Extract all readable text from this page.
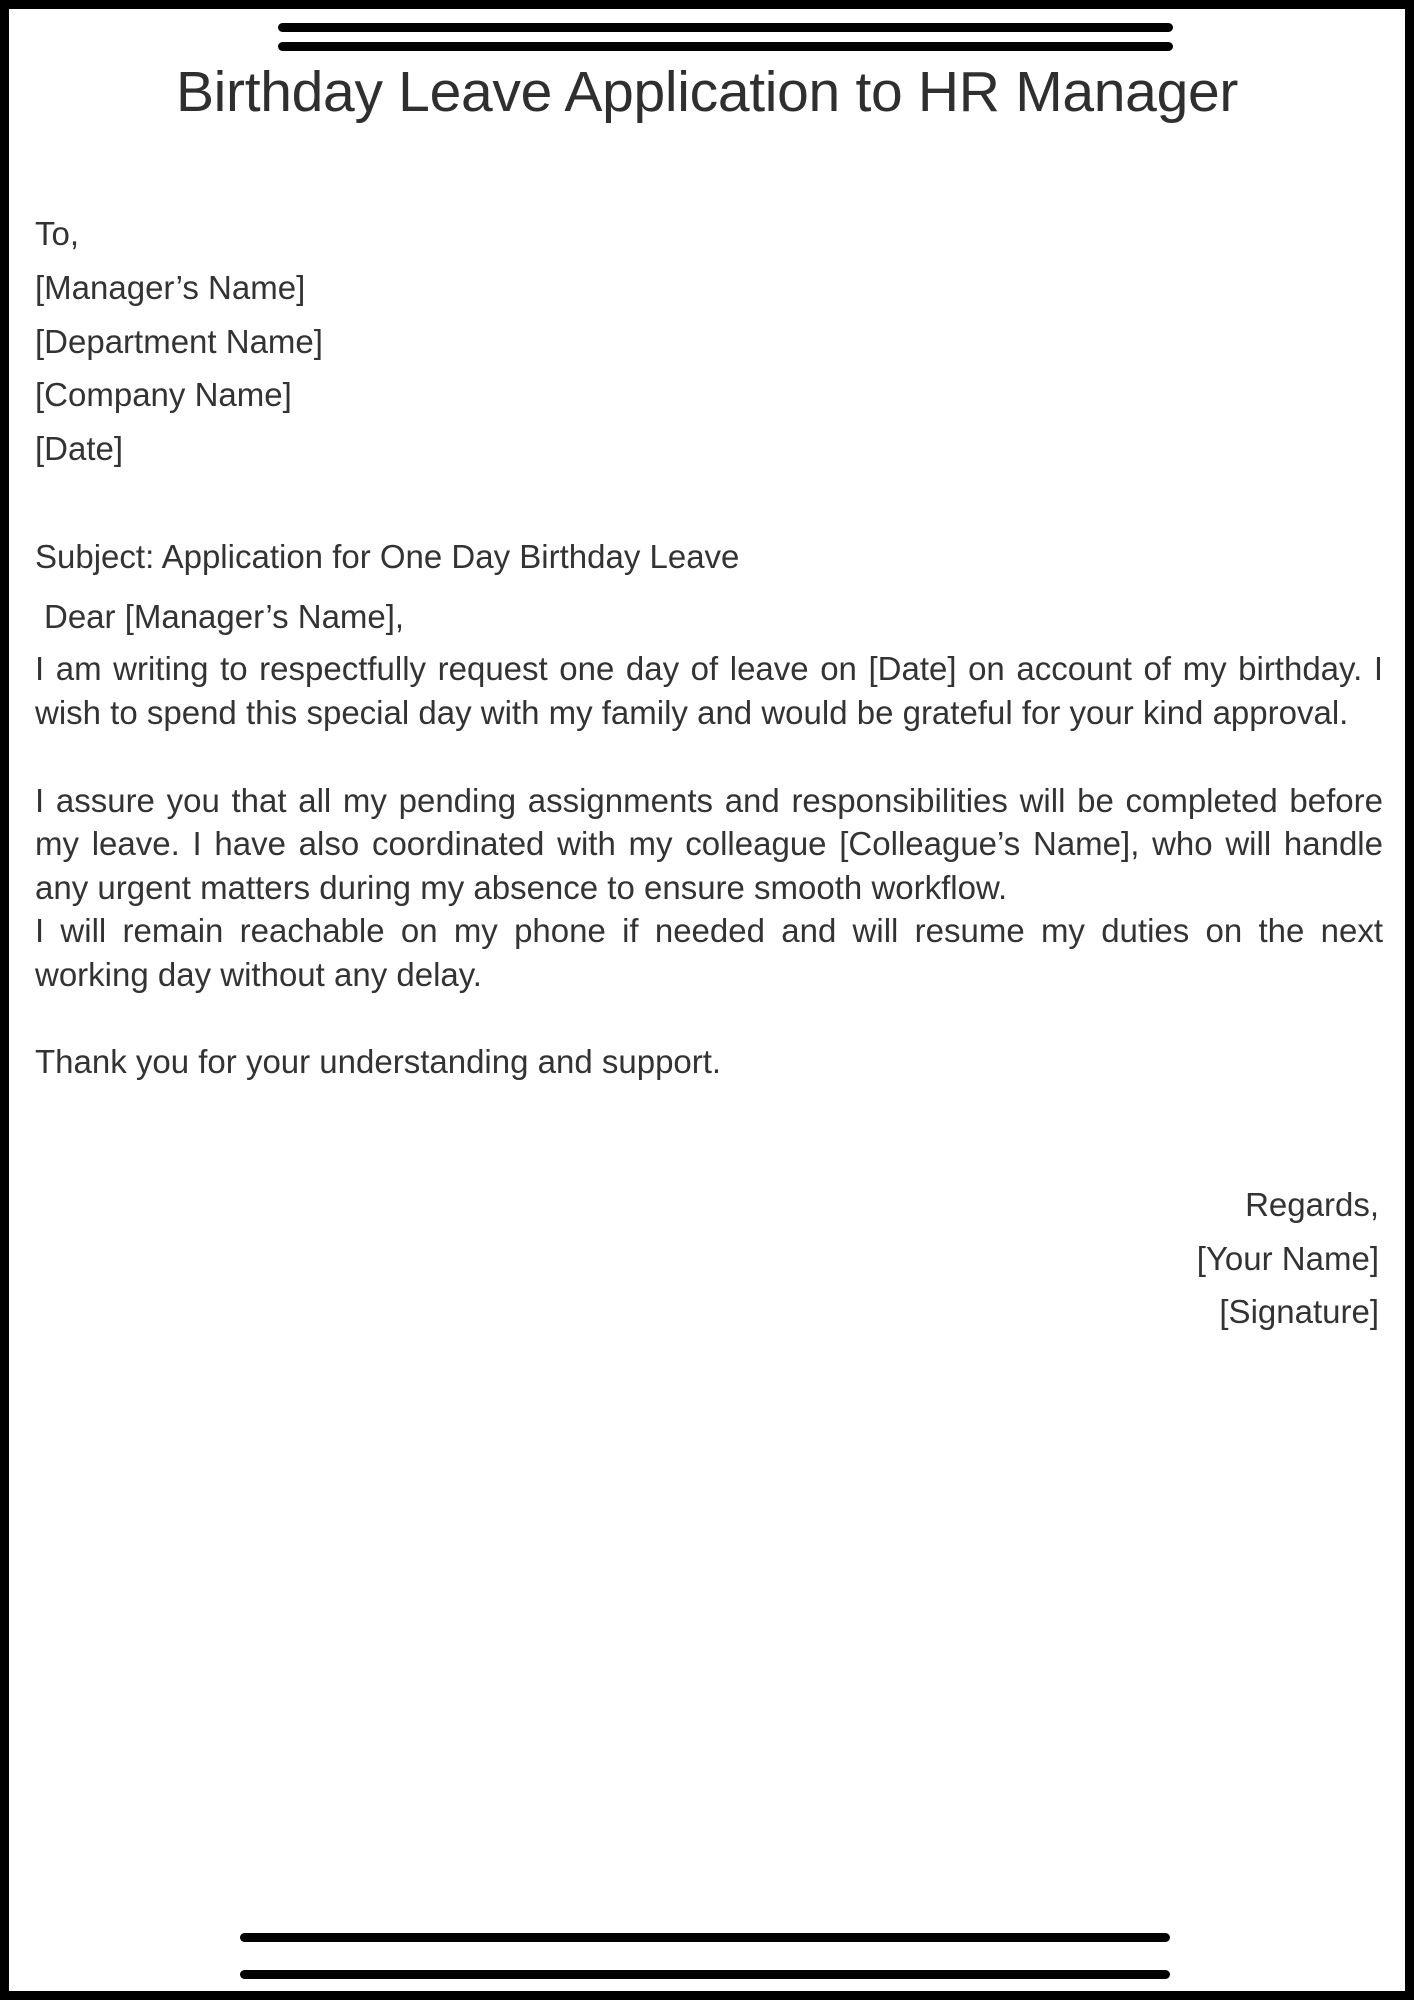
Birthday Leave Application to HR Manager
To,
[Manager’s Name]
[Department Name]
[Company Name]
[Date]
Subject: Application for One Day Birthday Leave
Dear [Manager’s Name],

I am writing to respectfully request one day of leave on [Date] on account of my birthday. I wish to spend this special day with my family and would be grateful for your kind approval.

I assure you that all my pending assignments and responsibilities will be completed before my leave. I have also coordinated with my colleague [Colleague’s Name], who will handle any urgent matters during my absence to ensure smooth workflow.

I will remain reachable on my phone if needed and will resume my duties on the next working day without any delay.

Thank you for your understanding and support.

Regards,
[Your Name]
[Signature]
